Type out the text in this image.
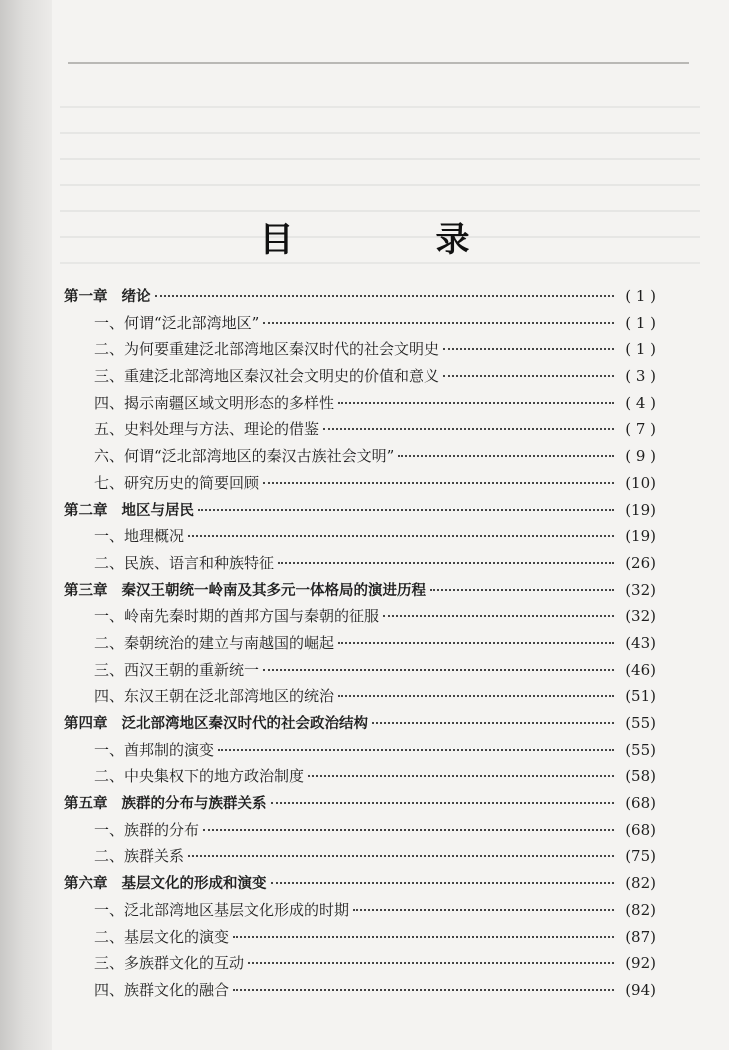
目　录
第一章 绪论	( 1 )
一、何谓“泛北部湾地区”	( 1 )
二、为何要重建泛北部湾地区秦汉时代的社会文明史	( 1 )
三、重建泛北部湾地区秦汉社会文明史的价值和意义	( 3 )
四、揭示南疆区域文明形态的多样性	( 4 )
五、史料处理与方法、理论的借鉴	( 7 )
六、何谓“泛北部湾地区的秦汉古族社会文明”	( 9 )
七、研究历史的简要回顾	(10)
第二章 地区与居民	(19)
一、地理概况	(19)
二、民族、语言和种族特征	(26)
第三章 秦汉王朝统一岭南及其多元一体格局的演进历程	(32)
一、岭南先秦时期的酋邦方国与秦朝的征服	(32)
二、秦朝统治的建立与南越国的崛起	(43)
三、西汉王朝的重新统一	(46)
四、东汉王朝在泛北部湾地区的统治	(51)
第四章 泛北部湾地区秦汉时代的社会政治结构	(55)
一、酋邦制的演变	(55)
二、中央集权下的地方政治制度	(58)
第五章 族群的分布与族群关系	(68)
一、族群的分布	(68)
二、族群关系	(75)
第六章 基层文化的形成和演变	(82)
一、泛北部湾地区基层文化形成的时期	(82)
二、基层文化的演变	(87)
三、多族群文化的互动	(92)
四、族群文化的融合	(94)
